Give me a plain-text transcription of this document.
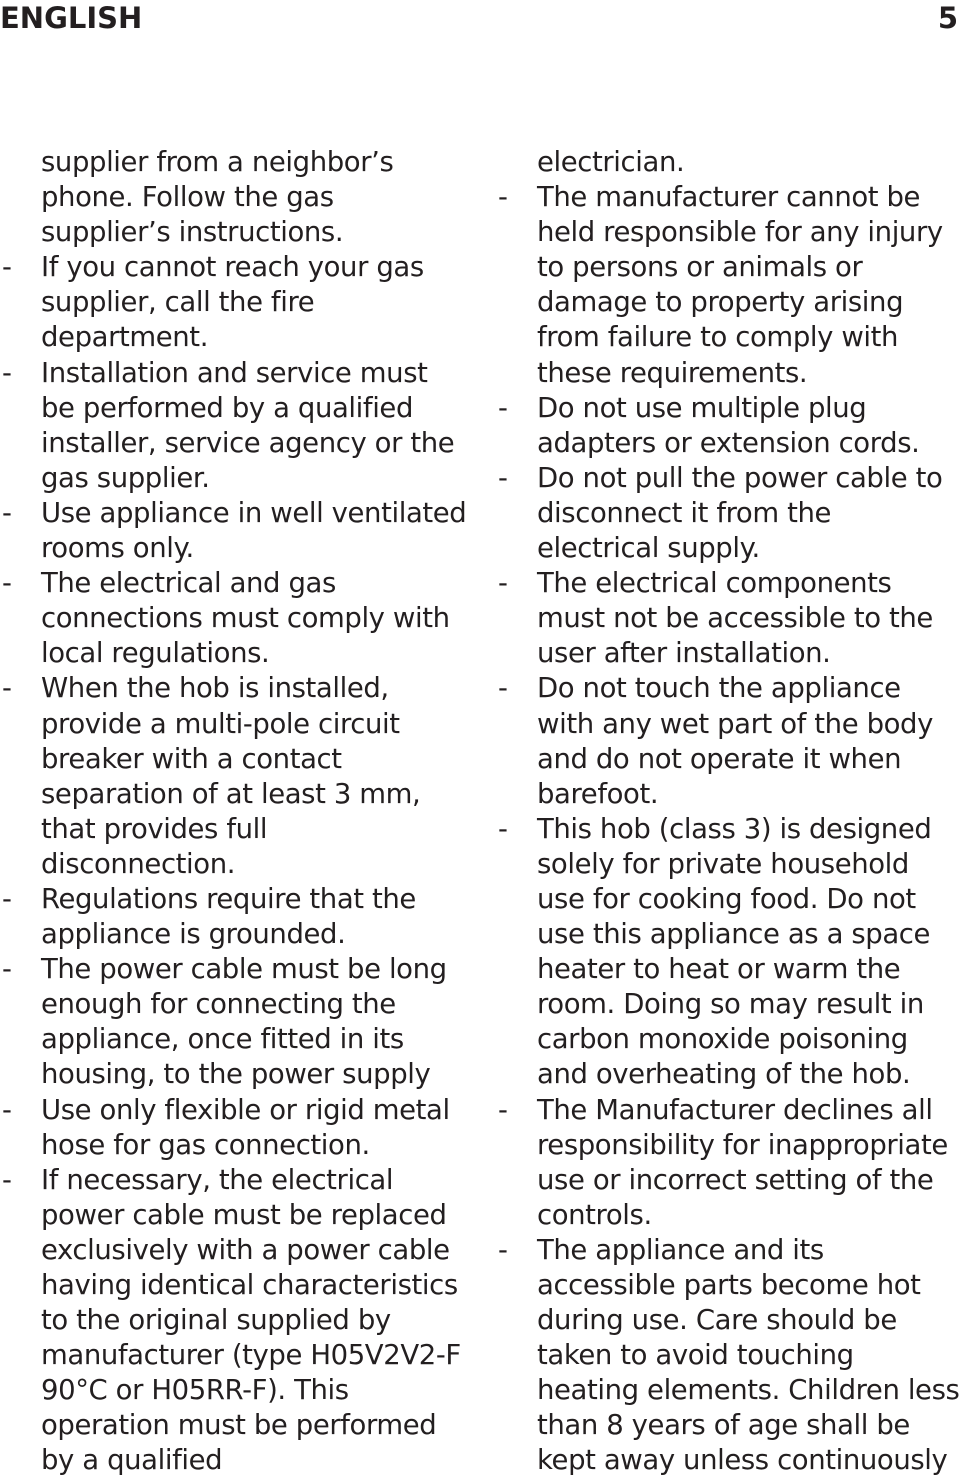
ENGLISH	5
supplier from a neighbor’s phone. Follow the gas supplier’s instructions.
-	If you cannot reach your gas supplier, call the fire department.
-	Installation and service must be performed by a qualified installer, service agency or the gas supplier.
-	Use appliance in well ventilated rooms only.
-	The electrical and gas connections must comply with local regulations.
-	When the hob is installed, provide a multi-pole circuit breaker with a contact separation of at least 3 mm, that provides full disconnection.
-	Regulations require that the appliance is grounded.
-	The power cable must be long enough for connecting the appliance, once fitted in its housing, to the power supply
-	Use only flexible or rigid metal hose for gas connection.
-	If necessary, the electrical power cable must be replaced exclusively with a power cable having identical characteristics to the original supplied by manufacturer (type H05V2V2-F 90°C or H05RR-F). This operation must be performed by a qualified
electrician.
-	The manufacturer cannot be held responsible for any injury to persons or animals or damage to property arising from failure to comply with these requirements.
-	Do not use multiple plug adapters or extension cords.
-	Do not pull the power cable to disconnect it from the electrical supply.
-	The electrical components must not be accessible to the user after installation.
-	Do not touch the appliance with any wet part of the body and do not operate it when barefoot.
-	This hob (class 3) is designed solely for private household use for cooking food. Do not use this appliance as a space heater to heat or warm the room. Doing so may result in carbon monoxide poisoning and overheating of the hob.
-	The Manufacturer declines all responsibility for inappropriate use or incorrect setting of the controls.
-	The appliance and its accessible parts become hot during use. Care should be taken to avoid touching heating elements. Children less than 8 years of age shall be kept away unless continuously
